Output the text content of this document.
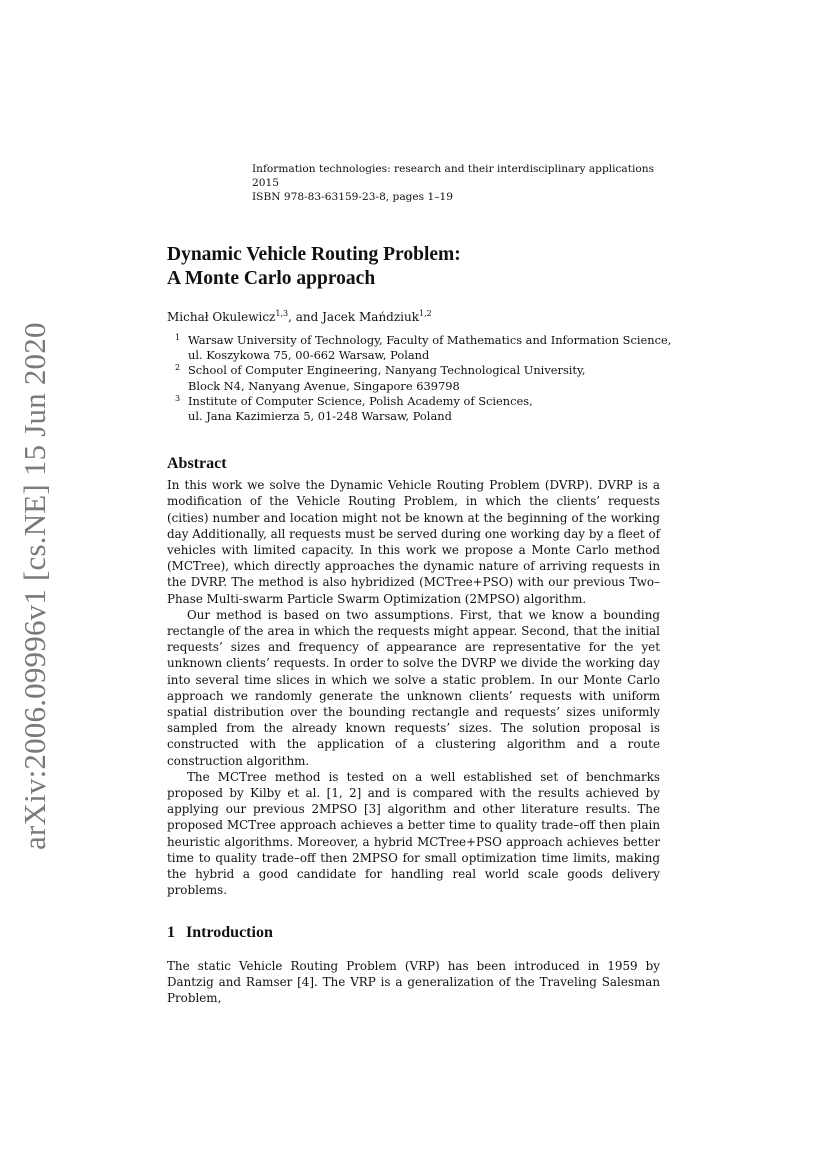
arXiv:2006.09996v1 [cs.NE] 15 Jun 2020
Information technologies: research and their interdisciplinary applications 2015
ISBN 978-83-63159-23-8, pages 1–19
Dynamic Vehicle Routing Problem:
A Monte Carlo approach
Michał Okulewicz$^{1,3}$, and Jacek Mańdziuk$^{1,2}$
1 Warsaw University of Technology, Faculty of Mathematics and Information Science,
ul. Koszykowa 75, 00-662 Warsaw, Poland
2 School of Computer Engineering, Nanyang Technological University,
Block N4, Nanyang Avenue, Singapore 639798
3 Institute of Computer Science, Polish Academy of Sciences,
ul. Jana Kazimierza 5, 01-248 Warsaw, Poland
Abstract

In this work we solve the Dynamic Vehicle Routing Problem (DVRP). DVRP is a modification of the Vehicle Routing Problem, in which the clients’ requests (cities) number and location might not be known at the beginning of the working day Additionally, all requests must be served during one working day by a fleet of vehicles with limited capacity. In this work we propose a Monte Carlo method (MCTree), which directly approaches the dynamic nature of arriving requests in the DVRP. The method is also hybridized (MCTree+PSO) with our previous Two–Phase Multi-swarm Particle Swarm Optimization (2MPSO) algorithm.

Our method is based on two assumptions. First, that we know a bounding rectangle of the area in which the requests might appear. Second, that the initial requests’ sizes and frequency of appearance are representative for the yet unknown clients’ requests. In order to solve the DVRP we divide the working day into several time slices in which we solve a static problem. In our Monte Carlo approach we randomly generate the unknown clients’ requests with uniform spatial distribution over the bounding rectangle and requests’ sizes uniformly sampled from the already known requests’ sizes. The solution proposal is constructed with the application of a clustering algorithm and a route construction algorithm.

The MCTree method is tested on a well established set of benchmarks proposed by Kilby et al. [1, 2] and is compared with the results achieved by applying our previous 2MPSO [3] algorithm and other literature results. The proposed MCTree approach achieves a better time to quality trade–off then plain heuristic algorithms. Moreover, a hybrid MCTree+PSO approach achieves better time to quality trade–off then 2MPSO for small optimization time limits, making the hybrid a good candidate for handling real world scale goods delivery problems.

1 Introduction

The static Vehicle Routing Problem (VRP) has been introduced in 1959 by Dantzig and Ramser [4]. The VRP is a generalization of the Traveling Salesman Problem,
